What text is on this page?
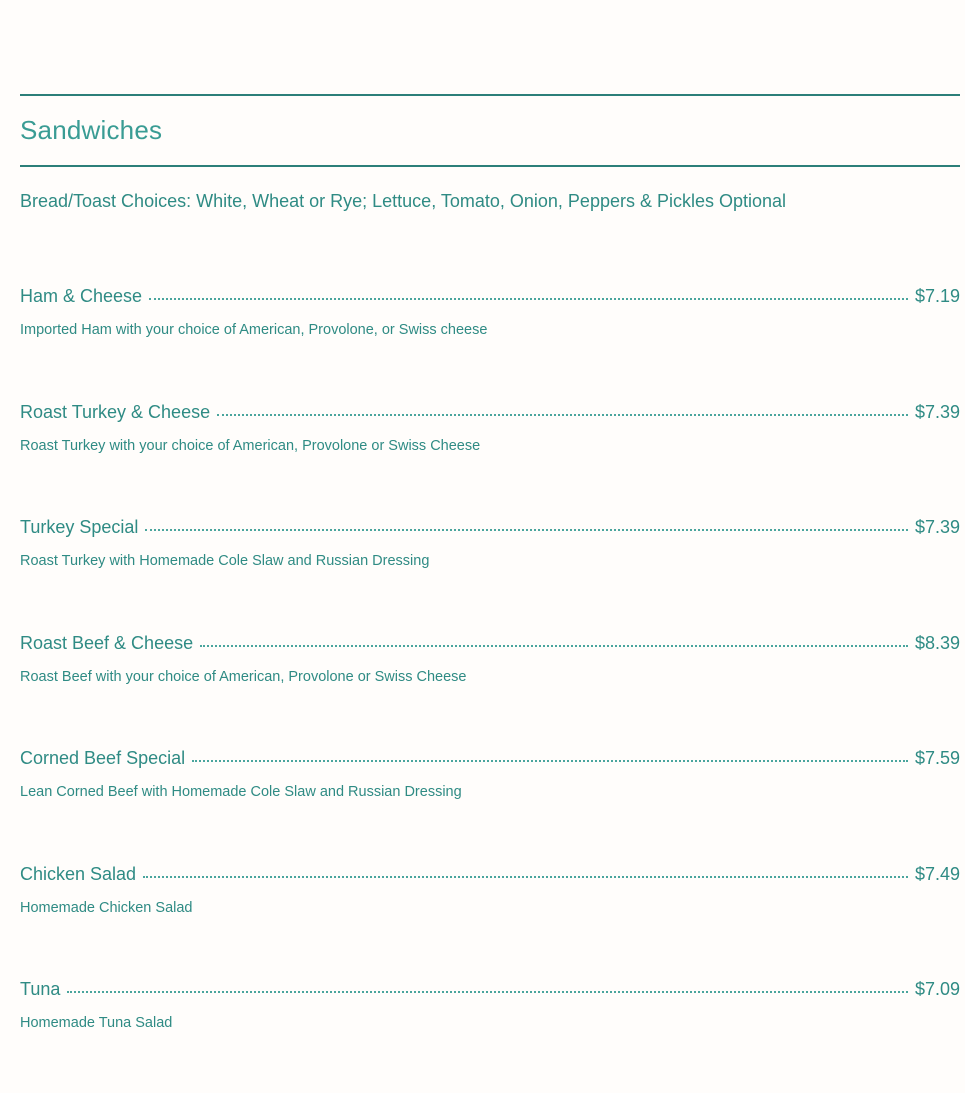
Sandwiches

Bread/Toast Choices: White, Wheat or Rye; Lettuce, Tomato, Onion, Peppers & Pickles Optional

Ham & Cheese	$7.19
Imported Ham with your choice of American, Provolone, or Swiss cheese
Roast Turkey & Cheese	$7.39
Roast Turkey with your choice of American, Provolone or Swiss Cheese
Turkey Special	$7.39
Roast Turkey with Homemade Cole Slaw and Russian Dressing
Roast Beef & Cheese	$8.39
Roast Beef with your choice of American, Provolone or Swiss Cheese
Corned Beef Special	$7.59
Lean Corned Beef with Homemade Cole Slaw and Russian Dressing
Chicken Salad	$7.49
Homemade Chicken Salad
Tuna	$7.09
Homemade Tuna Salad
